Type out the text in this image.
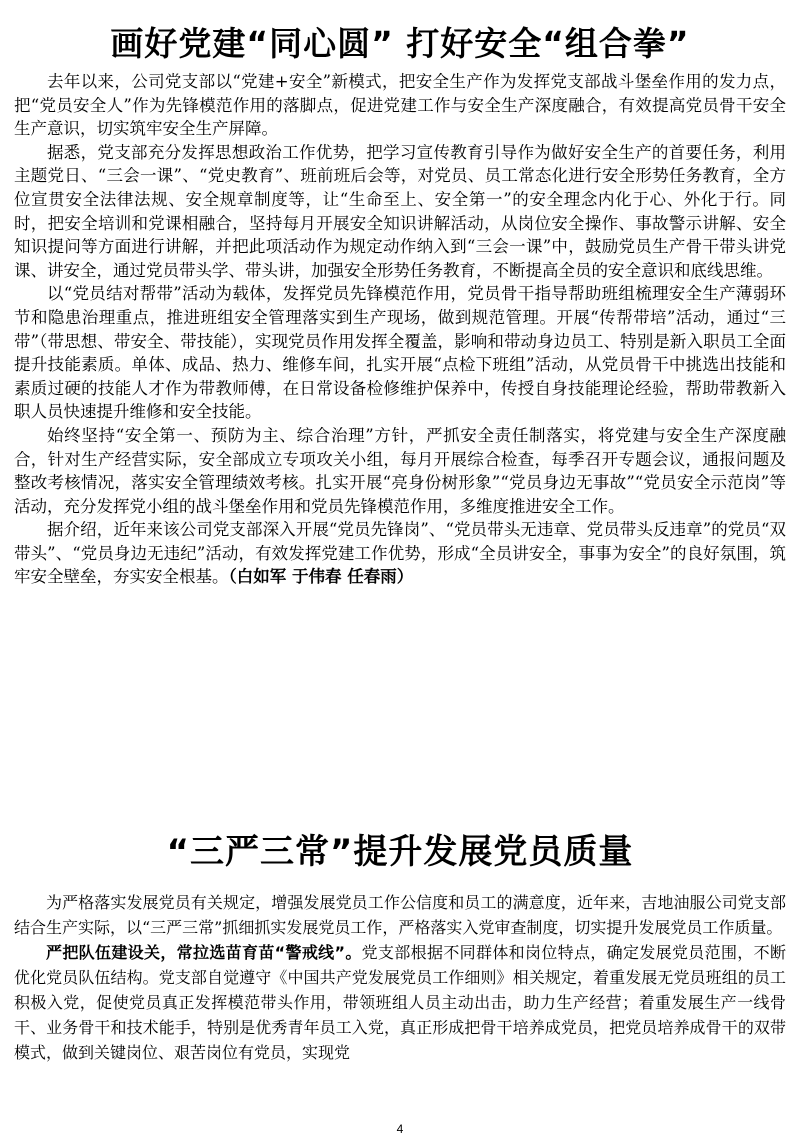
画好党建“同心圆” 打好安全“组合拳”

去年以来，公司党支部以“党建+安全”新模式，把安全生产作为发挥党支部战斗堡垒作用的发力点，把“党员安全人”作为先锋模范作用的落脚点，促进党建工作与安全生产深度融合，有效提高党员骨干安全生产意识，切实筑牢安全生产屏障。

据悉，党支部充分发挥思想政治工作优势，把学习宣传教育引导作为做好安全生产的首要任务，利用主题党日、“三会一课”、“党史教育”、班前班后会等，对党员、员工常态化进行安全形势任务教育，全方位宣贯安全法律法规、安全规章制度等，让“生命至上、安全第一”的安全理念内化于心、外化于行。同时，把安全培训和党课相融合，坚持每月开展安全知识讲解活动，从岗位安全操作、事故警示讲解、安全知识提问等方面进行讲解，并把此项活动作为规定动作纳入到“三会一课”中，鼓励党员生产骨干带头讲党课、讲安全，通过党员带头学、带头讲，加强安全形势任务教育，不断提高全员的安全意识和底线思维。

以“党员结对帮带”活动为载体，发挥党员先锋模范作用，党员骨干指导帮助班组梳理安全生产薄弱环节和隐患治理重点，推进班组安全管理落实到生产现场，做到规范管理。开展“传帮带培”活动，通过“三带”（带思想、带安全、带技能），实现党员作用发挥全覆盖，影响和带动身边员工、特别是新入职员工全面提升技能素质。单体、成品、热力、维修车间，扎实开展“点检下班组”活动，从党员骨干中挑选出技能和素质过硬的技能人才作为带教师傅，在日常设备检修维护保养中，传授自身技能理论经验，帮助带教新入职人员快速提升维修和安全技能。

始终坚持“安全第一、预防为主、综合治理”方针，严抓安全责任制落实，将党建与安全生产深度融合，针对生产经营实际，安全部成立专项攻关小组，每月开展综合检查，每季召开专题会议，通报问题及整改考核情况，落实安全管理绩效考核。扎实开展“亮身份树形象”“党员身边无事故”“党员安全示范岗”等活动，充分发挥党小组的战斗堡垒作用和党员先锋模范作用，多维度推进安全工作。

据介绍，近年来该公司党支部深入开展“党员先锋岗”、“党员带头无违章、党员带头反违章”的党员“双带头”、“党员身边无违纪”活动，有效发挥党建工作优势，形成“全员讲安全，事事为安全”的良好氛围，筑牢安全壁垒，夯实安全根基。（白如军 于伟春 任春雨）

“三严三常”提升发展党员质量

为严格落实发展党员有关规定，增强发展党员工作公信度和员工的满意度，近年来，吉地油服公司党支部结合生产实际，以“三严三常”抓细抓实发展党员工作，严格落实入党审查制度，切实提升发展党员工作质量。

严把队伍建设关，常拉选苗育苗“警戒线”。党支部根据不同群体和岗位特点，确定发展党员范围，不断优化党员队伍结构。党支部自觉遵守《中国共产党发展党员工作细则》相关规定，着重发展无党员班组的员工积极入党，促使党员真正发挥模范带头作用，带领班组人员主动出击，助力生产经营；着重发展生产一线骨干、业务骨干和技术能手，特别是优秀青年员工入党，真正形成把骨干培养成党员，把党员培养成骨干的双带模式，做到关键岗位、艰苦岗位有党员，实现党

4
